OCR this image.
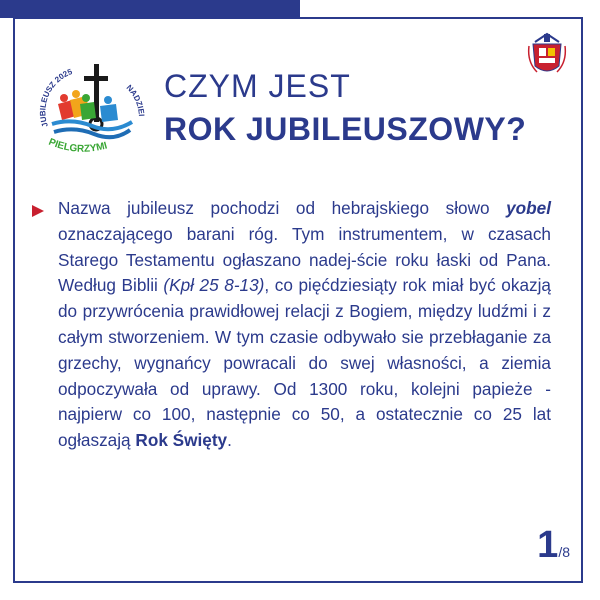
JUBILEUSZ 2025
NADZIEI
PIELGRZYMI
CZYM JEST
ROK JUBILEUSZOWY?
Nazwa jubileusz pochodzi od hebrajskiego słowo yobel oznaczającego barani róg. Tym instrumentem, w czasach Starego Testamentu ogłaszano nadej-ście roku łaski od Pana. Według Biblii (Kpł 25 8-13), co pięćdziesiąty rok miał być okazją do przywrócenia prawidłowej relacji z Bogiem, między ludźmi i z całym stworzeniem. W tym czasie odbywało sie przebłaganie za grzechy, wygnańcy powracali do swej własności, a ziemia odpoczywała od uprawy. Od 1300 roku, kolejni papieże - najpierw co 100, następnie co 50, a ostatecznie co 25 lat ogłaszają Rok Święty.
1/8
